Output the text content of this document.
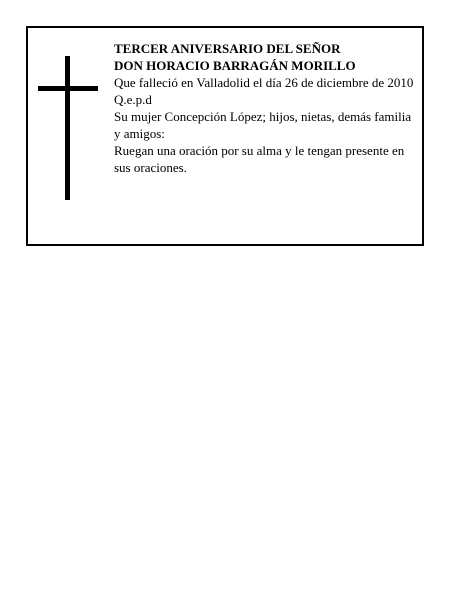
TERCER ANIVERSARIO DEL SEÑOR

DON HORACIO BARRAGÁN MORILLO

Que falleció en Valladolid el día 26 de diciembre de 2010

Q.e.p.d

Su mujer Concepción López; hijos, nietas, demás familia y amigos:

Ruegan una oración por su alma y le tengan presente en sus oraciones.
